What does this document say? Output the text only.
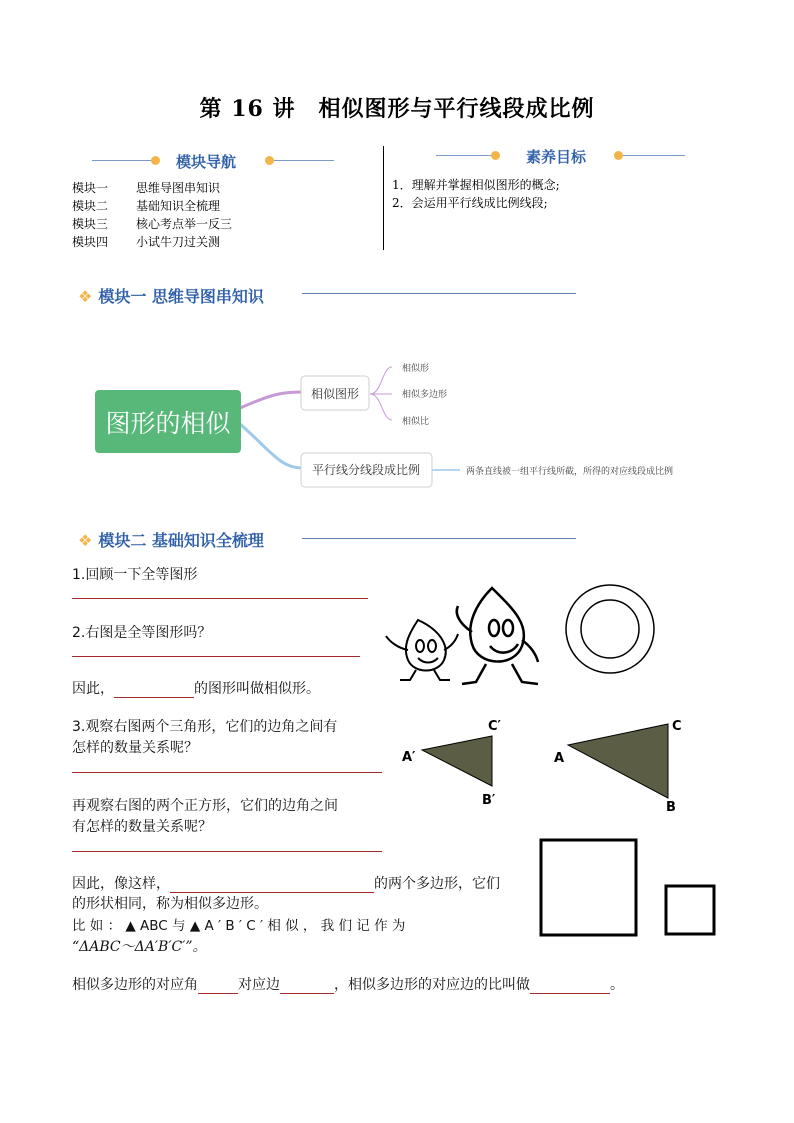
第 16 讲　相似图形与平行线段成比例
模块导航
模块一 思维导图串知识
模块二 基础知识全梳理
模块三 核心考点举一反三
模块四 小试牛刀过关测
素养目标
1．理解并掌握相似图形的概念;
2．会运用平行线成比例线段;
❖ 模块一 思维导图串知识
图形的相似
相似图形
相似形
相似多边形
相似比
平行线分线段成比例	两条直线被一组平行线所截，所得的对应线段成比例
❖ 模块二 基础知识全梳理
1.回顾一下全等图形
2.右图是全等图形吗？
因此，	的图形叫做相似形。
3.观察右图两个三角形，它们的边角之间有
怎样的数量关系呢？
A′
C′
B′
A
C
B
再观察右图的两个正方形，它们的边角之间
有怎样的数量关系呢？
因此，像这样，	的两个多边形，它们
的形状相同，称为相似多边形。
比 如 ： ▲ ABC 与 ▲ A ′ B ′ C ′ 相 似 ， 我 们 记 作 为
“ΔABC～ΔA′B′C′”。
相似多边形的对应角	对应边	，相似多边形的对应边的比叫做	。
